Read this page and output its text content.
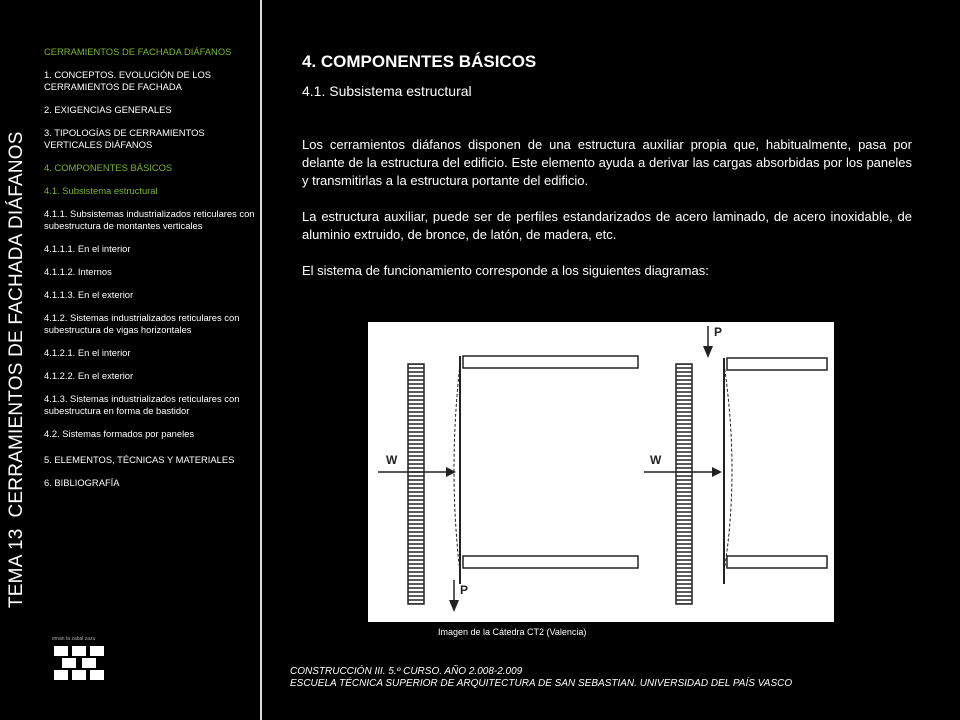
TEMA 13  CERRAMIENTOS DE FACHADA DIÁFANOS
CERRAMIENTOS DE FACHADA DIÁFANOS
1. CONCEPTOS. EVOLUCIÓN DE LOS CERRAMIENTOS DE FACHADA
2. EXIGENCIAS GENERALES
3. TIPOLOGÍAS DE CERRAMIENTOS VERTICALES DIÁFANOS
4. COMPONENTES BÁSICOS
4.1. Subsistema estructural
4.1.1. Subsistemas industrializados reticulares con subestructura de montantes verticales
4.1.1.1. En el interior
4.1.1.2. Internos
4.1.1.3. En el exterior
4.1.2. Sistemas industrializados reticulares con subestructura de vigas horizontales
4.1.2.1. En el interior
4.1.2.2. En el exterior
4.1.3. Sistemas industrializados reticulares con subestructura en forma de bastidor
4.2. Sistemas formados por paneles
5. ELEMENTOS, TÉCNICAS Y MATERIALES
6. BIBLIOGRAFÍA
eman ta zabal zazu
4. COMPONENTES BÁSICOS
4.1. Subsistema estructural
Los cerramientos diáfanos disponen de una estructura auxiliar propia que, habitualmente, pasa por delante de la estructura del edificio. Este elemento ayuda a derivar las cargas absorbidas por los paneles y transmitirlas a la estructura portante del edificio.
La estructura auxiliar, puede ser de perfiles estandarizados de acero laminado, de acero inoxidable, de aluminio extruido, de bronce, de latón, de madera, etc.
El sistema de funcionamiento corresponde a los siguientes diagramas:
W
P
W
P
Imagen de la Cátedra CT2 (Valencia)
CONSTRUCCIÓN III. 5.º CURSO. AÑO 2.008-2.009
ESCUELA TÉCNICA SUPERIOR DE ARQUITECTURA DE SAN SEBASTIAN. UNIVERSIDAD DEL PAÍS VASCO
